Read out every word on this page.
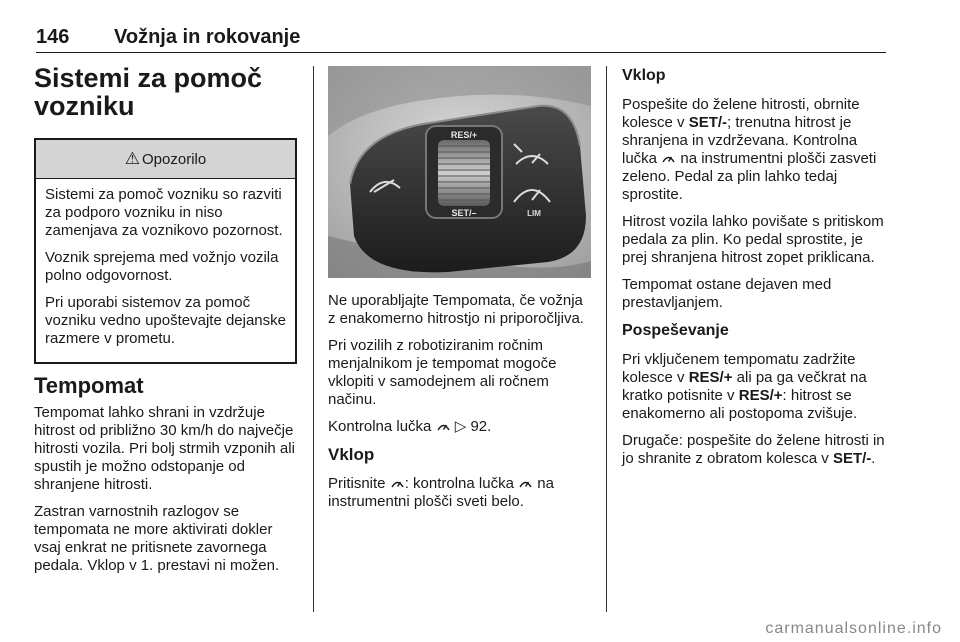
146 Vožnja in rokovanje
Sistemi za pomoč
vozniku
⚠ Opozorilo

Sistemi za pomoč vozniku so razviti za podporo vozniku in niso zamenjava za voznikovo pozornost.

Voznik sprejema med vožnjo vozila polno odgovornost.

Pri uporabi sistemov za pomoč vozniku vedno upoštevajte dejanske razmere v prometu.

Tempomat

Tempomat lahko shrani in vzdržuje hitrost od približno 30 km/h do največje hitrosti vozila. Pri bolj strmih vzponih ali spustih je možno odstopanje od shranjene hitrosti.

Zastran varnostnih razlogov se tempomata ne more aktivirati dokler vsaj enkrat ne pritisnete zavornega pedala. Vklop v 1. prestavi ni možen.

RES/+
SET/–	LIM

Ne uporabljajte Tempomata, če vožnja z enakomerno hitrostjo ni priporočljiva.

Pri vozilih z robotiziranim ročnim menjalnikom je tempomat mogoče vklopiti v samodejnem ali ročnem načinu.

Kontrolna lučka ▷ 92.

Vklop

Pritisnite : kontrolna lučka na instrumentni plošči sveti belo.

Vklop

Pospešite do želene hitrosti, obrnite kolesce v SET/-; trenutna hitrost je shranjena in vzdrževana. Kontrolna lučka na instrumentni plošči zasveti zeleno. Pedal za plin lahko tedaj sprostite.

Hitrost vozila lahko povišate s pritiskom pedala za plin. Ko pedal sprostite, je prej shranjena hitrost zopet priklicana.

Tempomat ostane dejaven med prestavljanjem.

Pospeševanje

Pri vključenem tempomatu zadržite kolesce v RES/+ ali pa ga večkrat na kratko potisnite v RES/+: hitrost se enakomerno ali postopoma zvišuje.

Drugače: pospešite do želene hitrosti in jo shranite z obratom kolesca v SET/-.

carmanualsonline.info
